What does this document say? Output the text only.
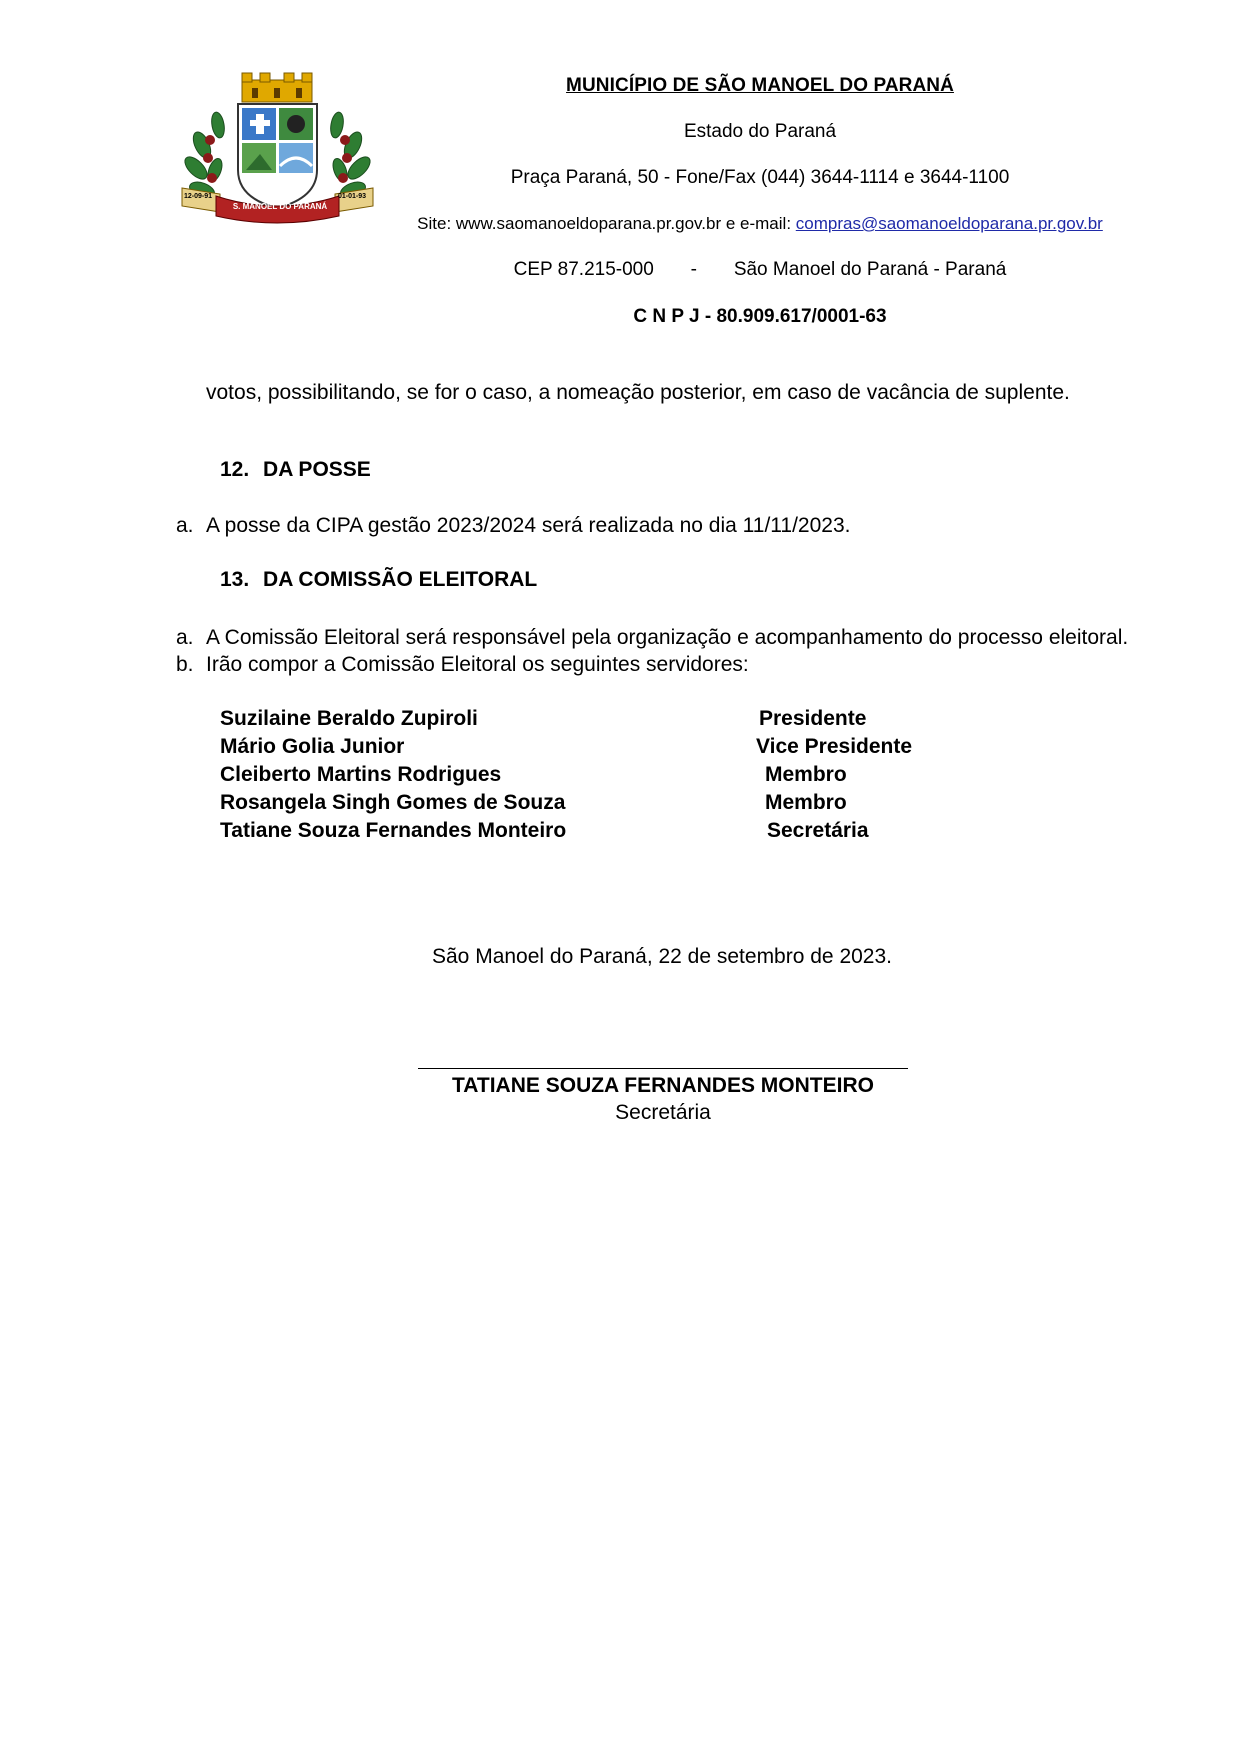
S. MANOEL DO PARANÁ
12-09-91	01-01-93
MUNICÍPIO DE SÃO MANOEL DO PARANÁ
Estado do Paraná
Praça Paraná, 50 - Fone/Fax (044) 3644-1114 e 3644-1100
Site: www.saomanoeldoparana.pr.gov.br e e-mail: compras@saomanoeldoparana.pr.gov.br
CEP 87.215-000 - São Manoel do Paraná - Paraná
C N P J - 80.909.617/0001-63
votos, possibilitando, se for o caso, a nomeação posterior, em caso de vacância de suplente.
12. DA POSSE
a. A posse da CIPA gestão 2023/2024 será realizada no dia 11/11/2023.
13. DA COMISSÃO ELEITORAL
a. A Comissão Eleitoral será responsável pela organização e acompanhamento do processo eleitoral.
b. Irão compor a Comissão Eleitoral os seguintes servidores:
Suzilaine Beraldo Zupiroli	Presidente
Mário Golia Junior	Vice Presidente
Cleiberto Martins Rodrigues	Membro
Rosangela Singh Gomes de Souza	Membro
Tatiane Souza Fernandes Monteiro	Secretária
São Manoel do Paraná, 22 de setembro de 2023.
TATIANE SOUZA FERNANDES MONTEIRO
Secretária
